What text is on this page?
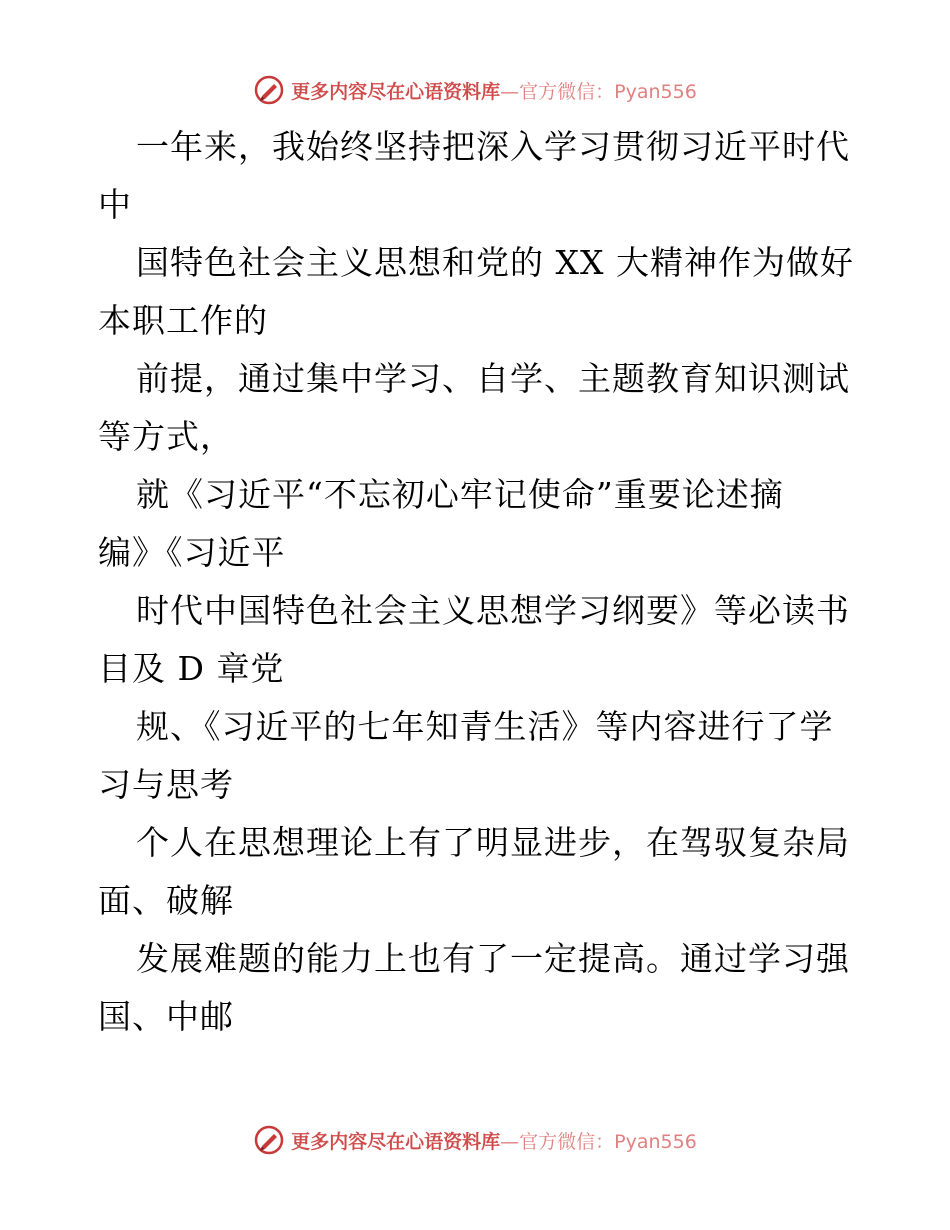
更多内容尽在心语资料库—官方微信：Pyan556
一年来，我始终坚持把深入学习贯彻习近平时代
中
国特色社会主义思想和党的 XX 大精神作为做好
本职工作的
前提，通过集中学习、自学、主题教育知识测试
等方式，
就《习近平“不忘初心牢记使命”重要论述摘
编》《习近平
时代中国特色社会主义思想学习纲要》等必读书
目及 D 章党
规、《习近平的七年知青生活》等内容进行了学
习与思考
个人在思想理论上有了明显进步，在驾驭复杂局
面、破解
发展难题的能力上也有了一定提高。通过学习强
国、中邮
更多内容尽在心语资料库—官方微信：Pyan556
